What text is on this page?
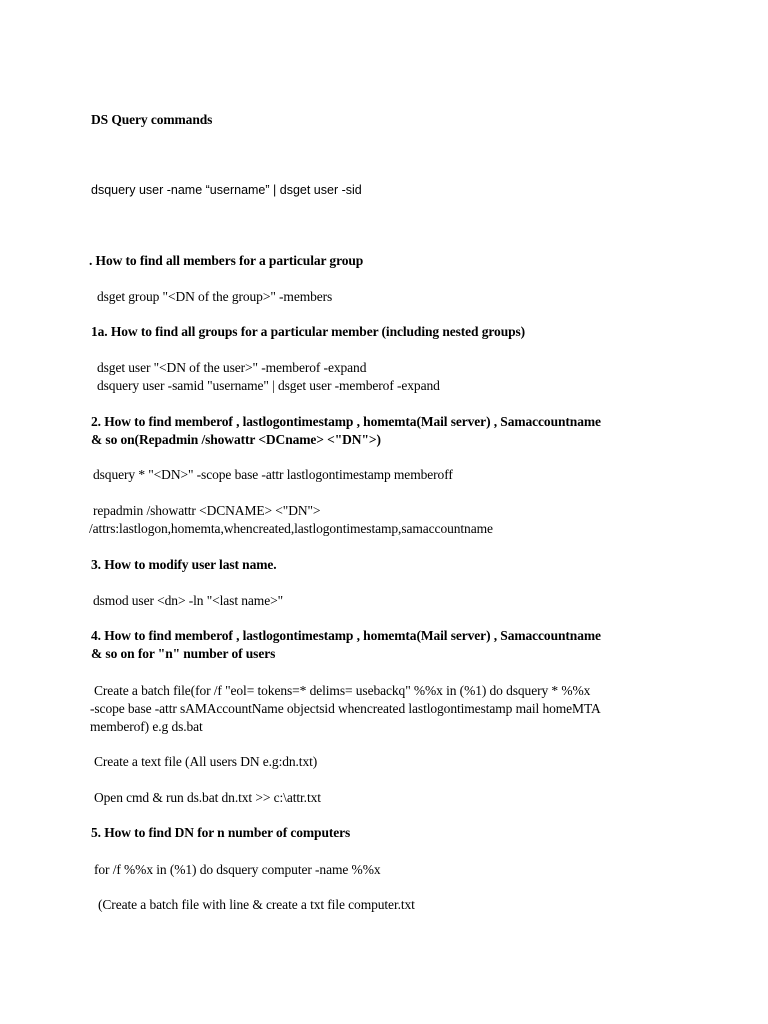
DS Query commands
dsquery user -name “username” | dsget user -sid
. How to find all members for a particular group
dsget group "<DN of the group>" -members
1a. How to find all groups for a particular member (including nested groups)
dsget user "<DN of the user>" -memberof -expand
dsquery user -samid "username" | dsget user -memberof -expand
2. How to find memberof , lastlogontimestamp , homemta(Mail server) , Samaccountname
& so on(Repadmin /showattr <DCname> <"DN">)
dsquery * "<DN>" -scope base -attr lastlogontimestamp memberoff
repadmin /showattr <DCNAME> <"DN">
/attrs:lastlogon,homemta,whencreated,lastlogontimestamp,samaccountname
3. How to modify user last name.
dsmod user <dn> -ln "<last name>"
4. How to find memberof , lastlogontimestamp , homemta(Mail server) , Samaccountname
& so on for "n" number of users
Create a batch file(for /f "eol= tokens=* delims= usebackq" %%x in (%1) do dsquery * %%x
-scope base -attr sAMAccountName objectsid whencreated lastlogontimestamp mail homeMTA
memberof) e.g ds.bat
Create a text file (All users DN e.g:dn.txt)
Open cmd & run ds.bat dn.txt >> c:\attr.txt
5. How to find DN for n number of computers
for /f %%x in (%1) do dsquery computer -name %%x
(Create a batch file with line & create a txt file computer.txt
